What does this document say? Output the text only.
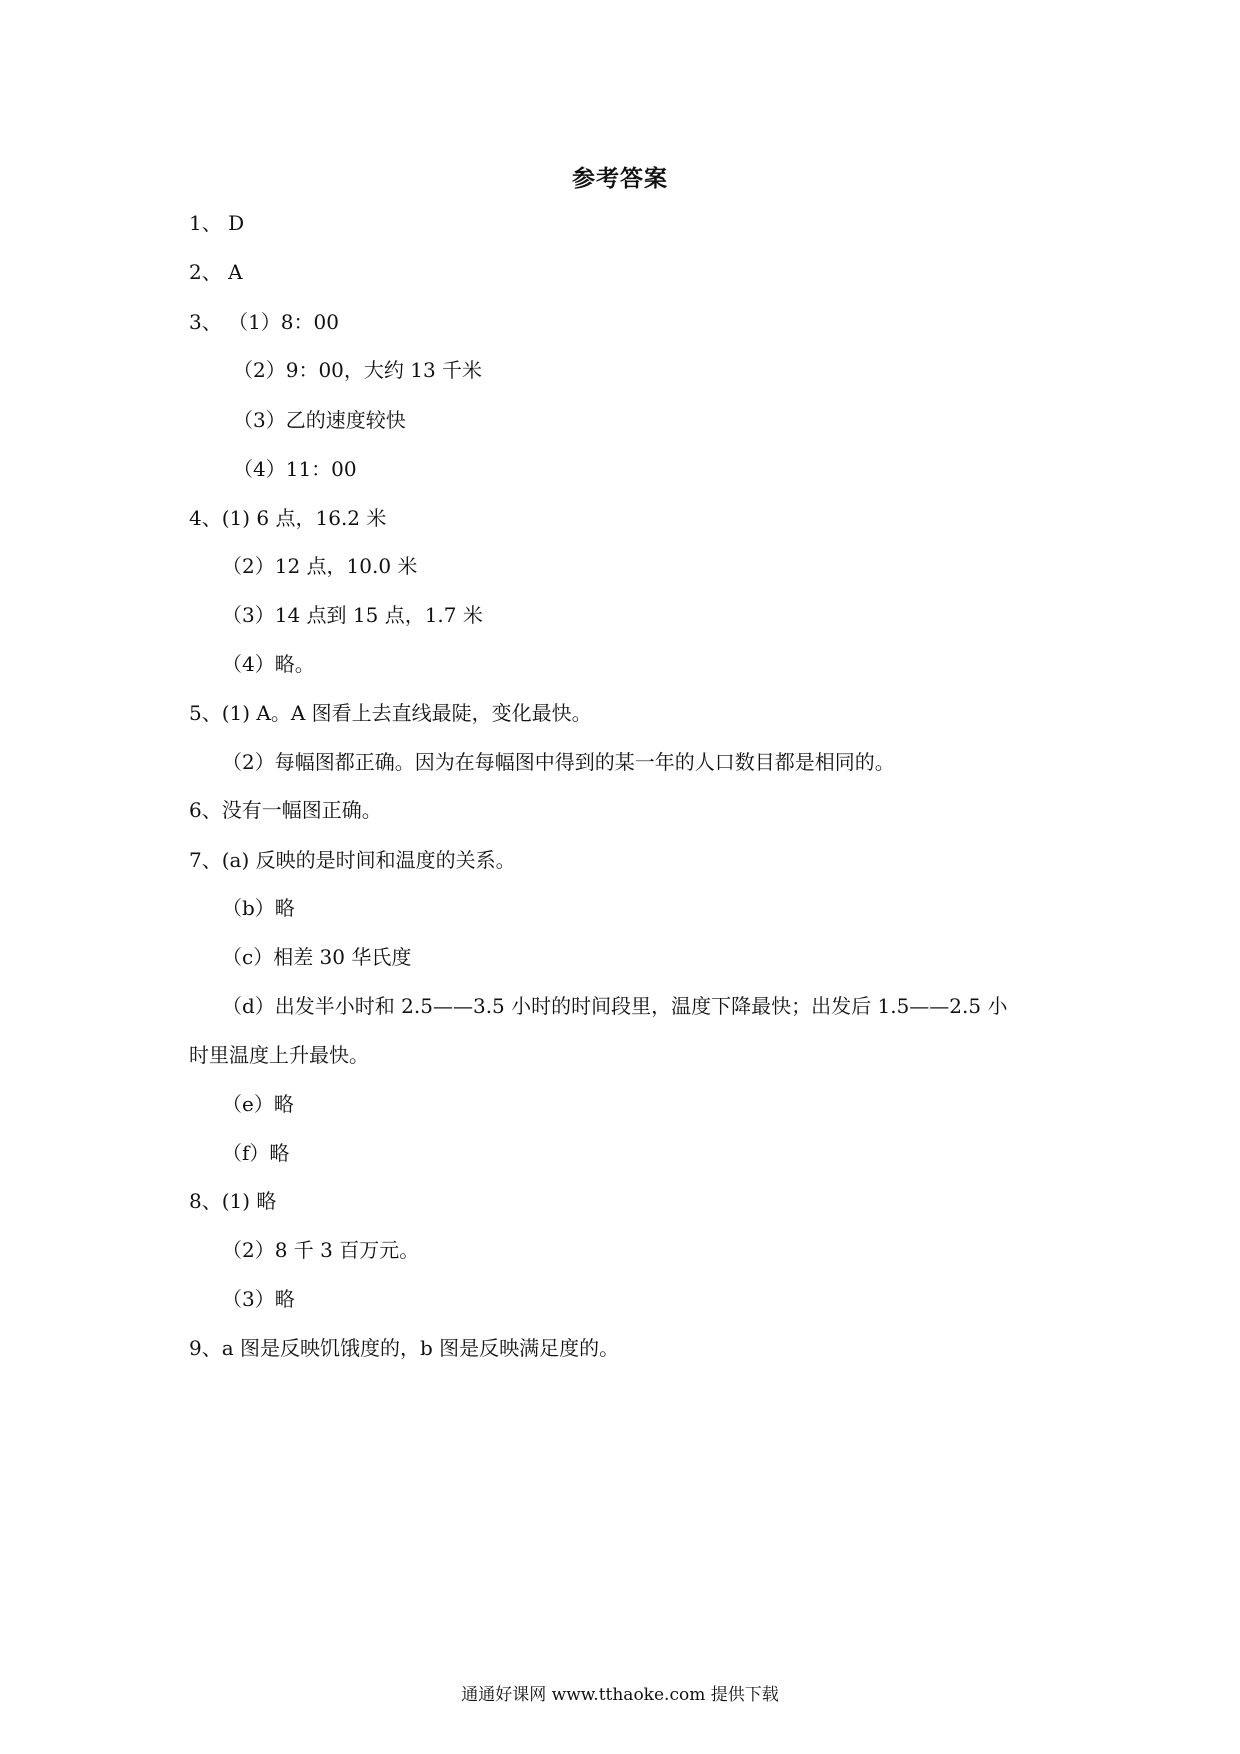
参考答案
1、 D
2、 A
3、 （1）8：00
（2）9：00，大约 13 千米
（3）乙的速度较快
（4）11：00
4、(1) 6 点，16.2 米
（2）12 点，10.0 米
（3）14 点到 15 点，1.7 米
（4）略。
5、(1) A。A 图看上去直线最陡，变化最快。
（2）每幅图都正确。因为在每幅图中得到的某一年的人口数目都是相同的。
6、没有一幅图正确。
7、(a) 反映的是时间和温度的关系。
（b）略
（c）相差 30 华氏度
（d）出发半小时和 2.5——3.5 小时的时间段里，温度下降最快；出发后 1.5——2.5 小
时里温度上升最快。
（e）略
（f）略
8、(1) 略
（2）8 千 3 百万元。
（3）略
9、a 图是反映饥饿度的，b 图是反映满足度的。
通通好课网 www.tthaoke.com 提供下载
